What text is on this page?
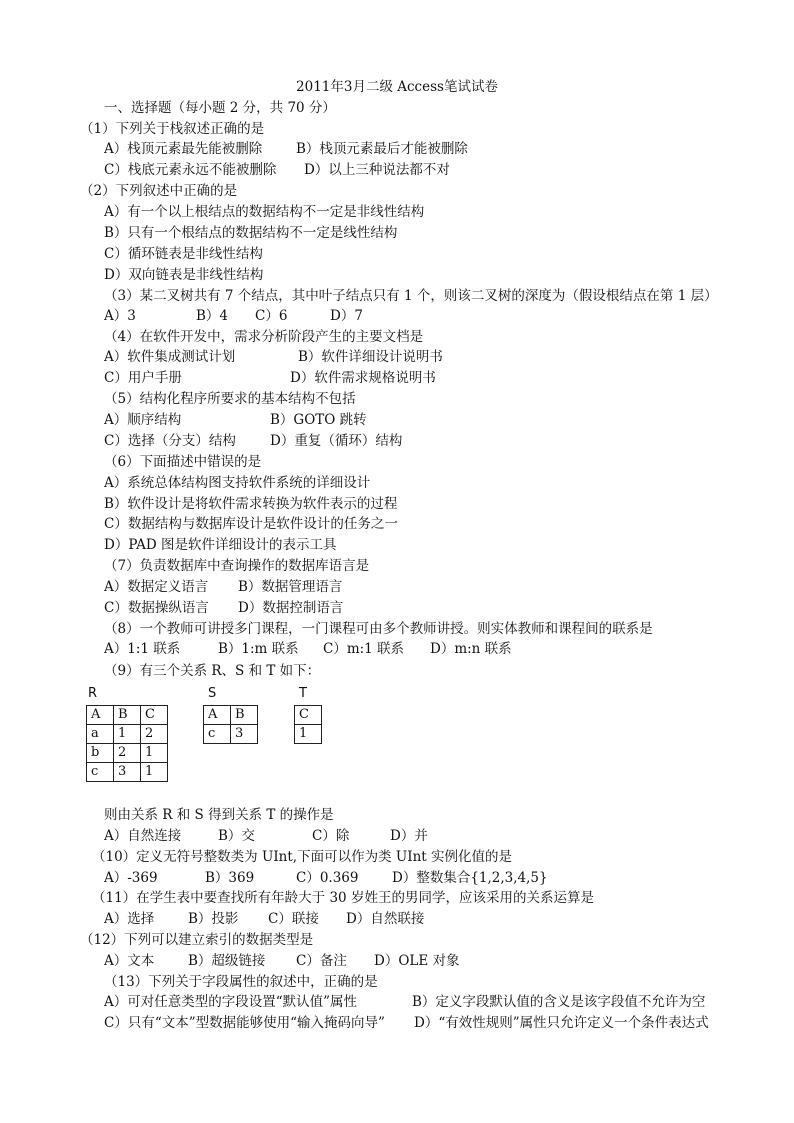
2011年3月二级 Access笔试试卷
一、选择题（每小题 2 分，共 70 分）
（1）下列关于栈叙述正确的是
A）栈顶元素最先能被删除	B）栈顶元素最后才能被删除
C）栈底元素永远不能被删除 D）以上三种说法都不对
（2）下列叙述中正确的是
A）有一个以上根结点的数据结构不一定是非线性结构
B）只有一个根结点的数据结构不一定是线性结构
C）循环链表是非线性结构
D）双向链表是非线性结构
（3）某二叉树共有 7 个结点，其中叶子结点只有 1 个，则该二叉树的深度为（假设根结点在第 1 层）
A）3	B）4 C）6	D）7
（4）在软件开发中，需求分析阶段产生的主要文档是
A）软件集成测试计划	B）软件详细设计说明书
C）用户手册	D）软件需求规格说明书
（5）结构化程序所要求的基本结构不包括
A）顺序结构	B）GOTO 跳转
C）选择（分支）结构	D）重复（循环）结构
（6）下面描述中错误的是
A）系统总体结构图支持软件系统的详细设计
B）软件设计是将软件需求转换为软件表示的过程
C）数据结构与数据库设计是软件设计的任务之一
D）PAD 图是软件详细设计的表示工具
（7）负责数据库中查询操作的数据库语言是
A）数据定义语言 B）数据管理语言
C）数据操纵语言 D）数据控制语言
（8）一个教师可讲授多门课程，一门课程可由多个教师讲授。则实体教师和课程间的联系是
A）1:1 联系	B）1:m 联系 C）m:1 联系 D）m:n 联系
（9）有三个关系 R、S 和 T 如下：
R
A	B	C
a	1	2
b	2	1
c	3	1
S
A	B
c	3
T
C
1
则由关系 R 和 S 得到关系 T 的操作是
A）自然连接	B）交	C）除	D）并
（10）定义无符号整数类为 UInt,下面可以作为类 UInt 实例化值的是
A）-369	B）369	C）0.369 D）整数集合{1,2,3,4,5}
（11）在学生表中要查找所有年龄大于 30 岁姓王的男同学，应该采用的关系运算是
A）选择	B）投影 C）联接 D）自然联接
（12）下列可以建立索引的数据类型是
A）文本	B）超级链接 C）备注 D）OLE 对象
（13）下列关于字段属性的叙述中，正确的是
A）可对任意类型的字段设置“默认值”属性	B）定义字段默认值的含义是该字段值不允许为空
C）只有“文本”型数据能够使用“输入掩码向导” D）“有效性规则”属性只允许定义一个条件表达式
